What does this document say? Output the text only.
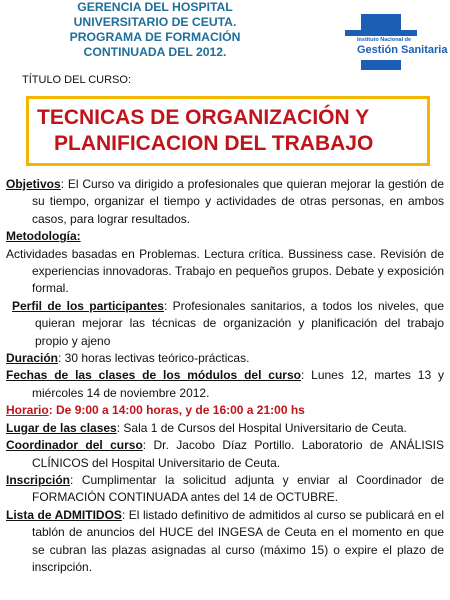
GERENCIA DEL HOSPITAL
UNIVERSITARIO DE CEUTA.
PROGRAMA DE FORMACIÓN
CONTINUADA DEL 2012.
Instituto Nacional de
Gestión Sanitaria
TÍTULO DEL CURSO:
TECNICAS DE ORGANIZACIÓN Y
PLANIFICACION DEL TRABAJO
Objetivos: El Curso va dirigido a profesionales que quieran mejorar la gestión de su tiempo, organizar el tiempo y actividades de otras personas, en ambos casos, para lograr resultados.
Metodología:
Actividades basadas en Problemas. Lectura crítica. Bussiness case. Revisión de experiencias innovadoras. Trabajo en pequeños grupos. Debate y exposición formal.
Perfil de los participantes: Profesionales sanitarios, a todos los niveles, que quieran mejorar las técnicas de organización y planificación del trabajo propio y ajeno
Duración: 30 horas lectivas teórico-prácticas.
Fechas de las clases de los módulos del curso: Lunes 12, martes 13 y miércoles 14 de noviembre 2012.
Horario: De 9:00 a 14:00 horas, y de 16:00 a 21:00 hs
Lugar de las clases: Sala 1 de Cursos del Hospital Universitario de Ceuta.
Coordinador del curso: Dr. Jacobo Díaz Portillo. Laboratorio de ANÁLISIS CLÍNICOS del Hospital Universitario de Ceuta.
Inscripción: Cumplimentar la solicitud adjunta y enviar al Coordinador de FORMACIÓN CONTINUADA antes del 14 de OCTUBRE.
Lista de ADMITIDOS: El listado definitivo de admitidos al curso se publicará en el tablón de anuncios del HUCE del INGESA de Ceuta en el momento en que se cubran las plazas asignadas al curso (máximo 15) o expire el plazo de inscripción.
